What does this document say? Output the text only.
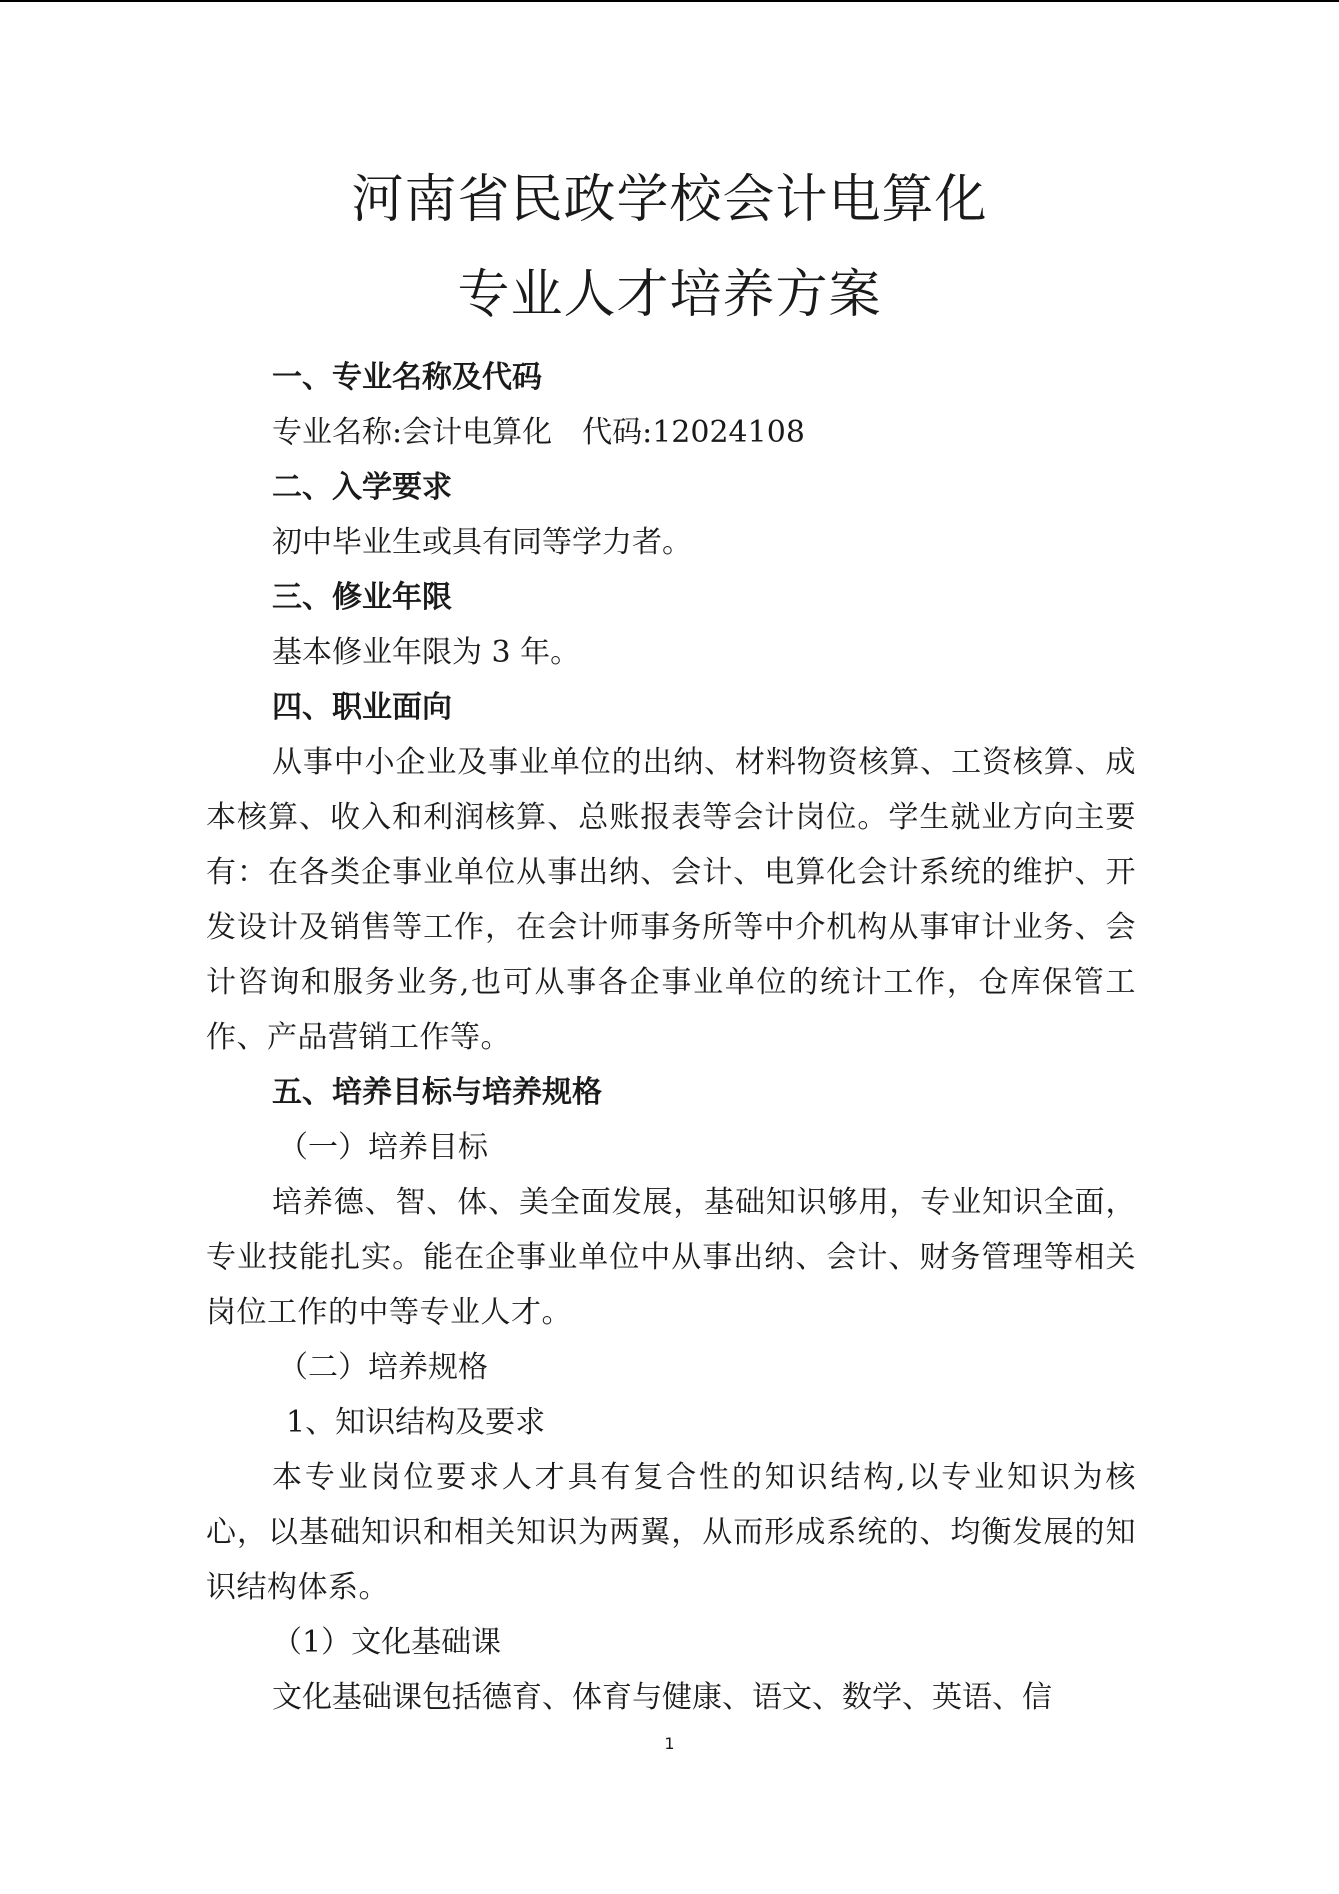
河南省民政学校会计电算化
专业人才培养方案
一、专业名称及代码
专业名称:会计电算化　代码:12024108
二、入学要求
初中毕业生或具有同等学力者。
三、修业年限
基本修业年限为 3 年。
四、职业面向
从事中小企业及事业单位的出纳、材料物资核算、工资核算、成本核算、收入和利润核算、总账报表等会计岗位。学生就业方向主要有：在各类企事业单位从事出纳、会计、电算化会计系统的维护、开发设计及销售等工作，在会计师事务所等中介机构从事审计业务、会计咨询和服务业务,也可从事各企事业单位的统计工作，仓库保管工作、产品营销工作等。
五、培养目标与培养规格
（一）培养目标
培养德、智、体、美全面发展，基础知识够用，专业知识全面，专业技能扎实。能在企事业单位中从事出纳、会计、财务管理等相关岗位工作的中等专业人才。
（二）培养规格
1、知识结构及要求
本专业岗位要求人才具有复合性的知识结构,以专业知识为核心，以基础知识和相关知识为两翼，从而形成系统的、均衡发展的知识结构体系。
（1）文化基础课
文化基础课包括德育、体育与健康、语文、数学、英语、信
1
